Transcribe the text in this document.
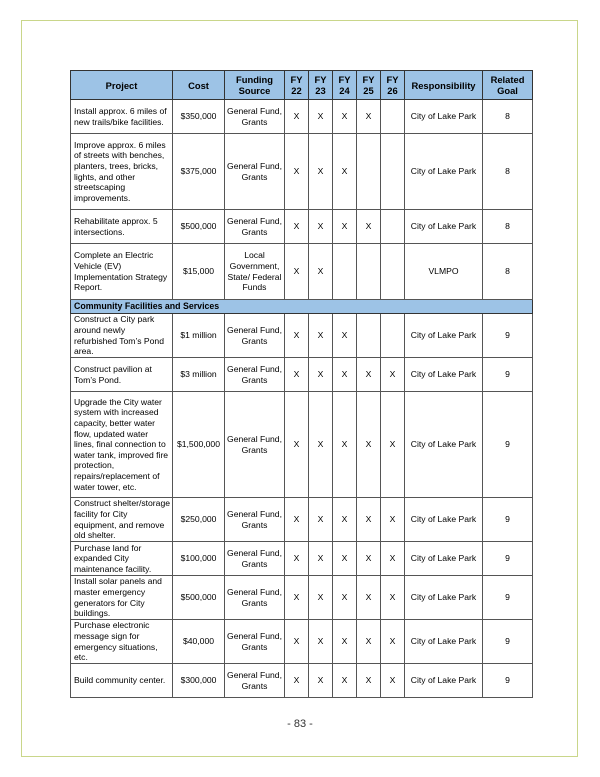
Project	Cost	Funding Source	FY 22	FY 23	FY 24	FY 25	FY 26	Responsibility	Related Goal
Install approx. 6 miles of new trails/bike facilities.	$350,000	General Fund, Grants	X	X	X	X		City of Lake Park	8
Improve approx. 6 miles of streets with benches, planters, trees, bricks, lights, and other streetscaping improvements.	$375,000	General Fund, Grants	X	X	X			City of Lake Park	8
Rehabilitate approx. 5 intersections.	$500,000	General Fund, Grants	X	X	X	X		City of Lake Park	8
Complete an Electric Vehicle (EV) Implementation Strategy Report.	$15,000	Local Government, State/ Federal Funds	X	X				VLMPO	8
Community Facilities and Services									
Construct a City park around newly refurbished Tom’s Pond area.	$1 million	General Fund, Grants	X	X	X			City of Lake Park	9
Construct pavilion at Tom’s Pond.	$3 million	General Fund, Grants	X	X	X	X	X	City of Lake Park	9
Upgrade the City water system with increased capacity, better water flow, updated water lines, final connection to water tank, improved fire protection, repairs/replacement of water tower, etc.	$1,500,000	General Fund, Grants	X	X	X	X	X	City of Lake Park	9
Construct shelter/storage facility for City equipment, and remove old shelter.	$250,000	General Fund, Grants	X	X	X	X	X	City of Lake Park	9
Purchase land for expanded City maintenance facility.	$100,000	General Fund, Grants	X	X	X	X	X	City of Lake Park	9
Install solar panels and master emergency generators for City buildings.	$500,000	General Fund, Grants	X	X	X	X	X	City of Lake Park	9
Purchase electronic message sign for emergency situations, etc.	$40,000	General Fund, Grants	X	X	X	X	X	City of Lake Park	9
Build community center.	$300,000	General Fund, Grants	X	X	X	X	X	City of Lake Park	9
- 83 -
